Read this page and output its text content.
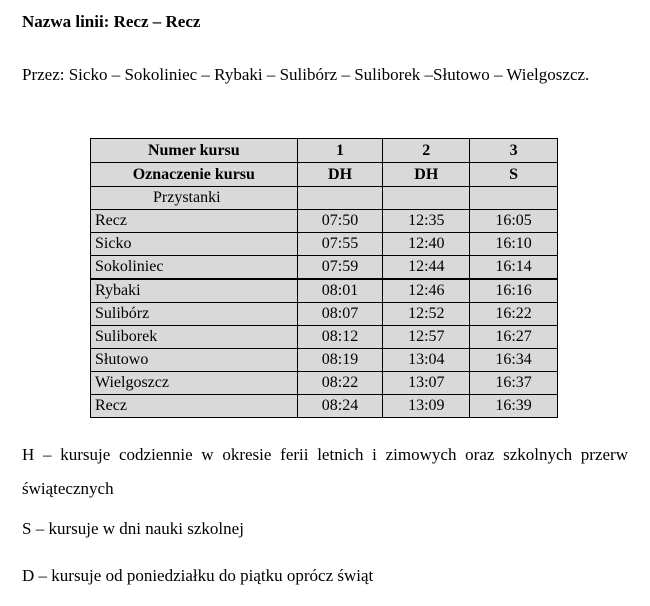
Nazwa linii: Recz – Recz
Przez: Sicko – Sokoliniec – Rybaki – Sulibórz – Suliborek –Słutowo – Wielgoszcz.
Numer kursu	1	2	3
Oznaczenie kursu	DH	DH	S
Przystanki			
Recz	07:50	12:35	16:05
Sicko	07:55	12:40	16:10
Sokoliniec	07:59	12:44	16:14
Rybaki	08:01	12:46	16:16
Sulibórz	08:07	12:52	16:22
Suliborek	08:12	12:57	16:27
Słutowo	08:19	13:04	16:34
Wielgoszcz	08:22	13:07	16:37
Recz	08:24	13:09	16:39
H – kursuje codziennie w okresie ferii letnich i zimowych oraz szkolnych przerw świątecznych
S – kursuje w dni nauki szkolnej
D – kursuje od poniedziałku do piątku oprócz świąt
